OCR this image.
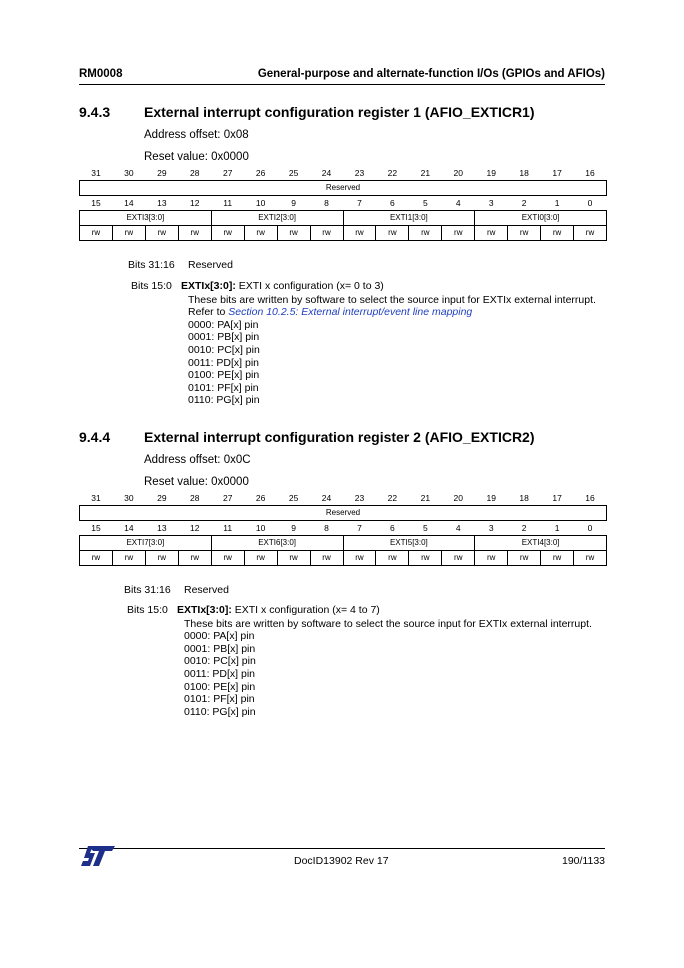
RM0008	General-purpose and alternate-function I/Os (GPIOs and AFIOs)
9.4.3 External interrupt configuration register 1 (AFIO_EXTICR1)
Address offset: 0x08
Reset value: 0x0000
31	30	29	28	27	26	25	24	23	22	21	20	19	18	17	16
Reserved															
15	14	13	12	11	10	9	8	7	6	5	4	3	2	1	0
EXTI3[3:0]				EXTI2[3:0]				EXTI1[3:0]				EXTI0[3:0]			
rw	rw	rw	rw	rw	rw	rw	rw	rw	rw	rw	rw	rw	rw	rw	rw
Bits 31:16 Reserved
Bits 15:0 EXTIx[3:0]: EXTI x configuration (x= 0 to 3)
These bits are written by software to select the source input for EXTIx external interrupt.
Refer to Section 10.2.5: External interrupt/event line mapping
0000: PA[x] pin
0001: PB[x] pin
0010: PC[x] pin
0011: PD[x] pin
0100: PE[x] pin
0101: PF[x] pin
0110: PG[x] pin
9.4.4 External interrupt configuration register 2 (AFIO_EXTICR2)
Address offset: 0x0C
Reset value: 0x0000
31	30	29	28	27	26	25	24	23	22	21	20	19	18	17	16
Reserved															
15	14	13	12	11	10	9	8	7	6	5	4	3	2	1	0
EXTI7[3:0]				EXTI6[3:0]				EXTI5[3:0]				EXTI4[3:0]			
rw	rw	rw	rw	rw	rw	rw	rw	rw	rw	rw	rw	rw	rw	rw	rw
Bits 31:16 Reserved
Bits 15:0 EXTIx[3:0]: EXTI x configuration (x= 4 to 7)
These bits are written by software to select the source input for EXTIx external interrupt.
0000: PA[x] pin
0001: PB[x] pin
0010: PC[x] pin
0011: PD[x] pin
0100: PE[x] pin
0101: PF[x] pin
0110: PG[x] pin
DocID13902 Rev 17	190/1133
